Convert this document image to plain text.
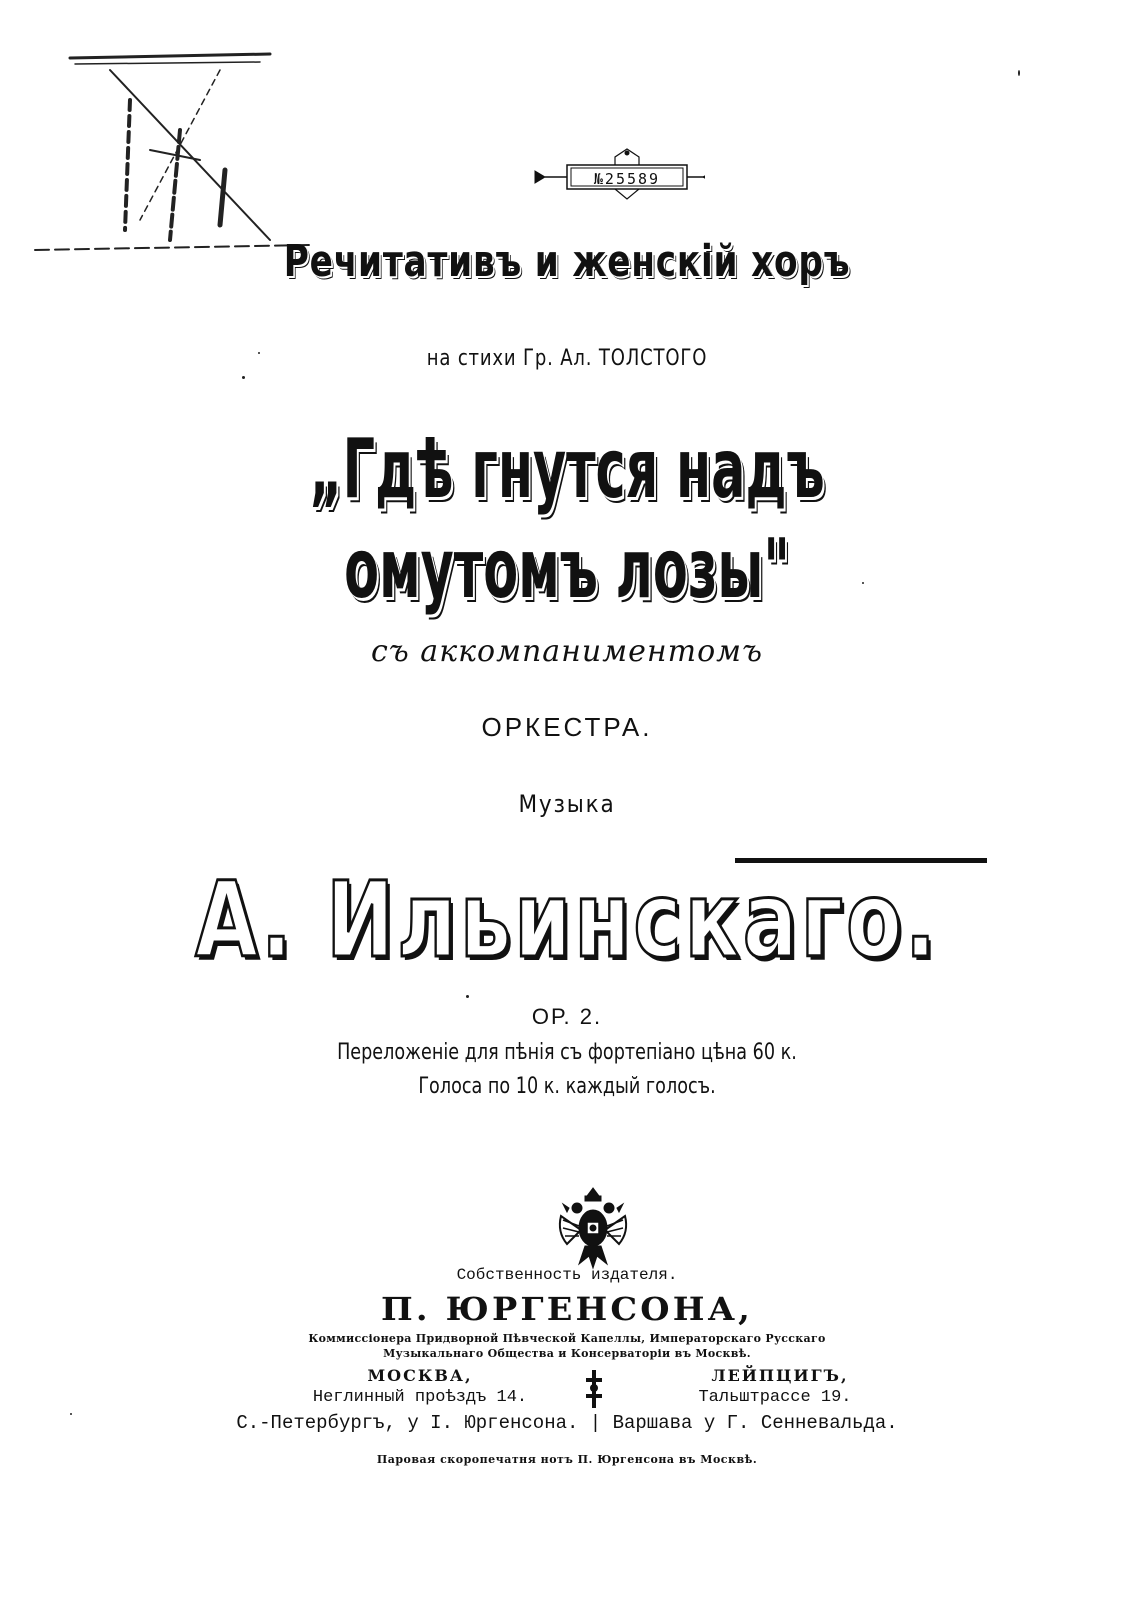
№25589
Речитативъ и женскій хоръ
на стихи Гр. Ал. ТОЛСТОГО
„Гдѣ гнутся надъ омутомъ лозы"
съ аккомпаниментомъ
ОРКЕСТРА.
Музыка
А. Ильинскаго.
ОР. 2.
Переложеніе для пѣнія съ фортепіано цѣна 60 к.
Голоса по 10 к. каждый голосъ.
Собственность издателя.
П. ЮРГЕНСОНА,
Коммиссіонера Придворной Пѣвческой Капеллы, Императорскаго Русскаго
Музыкальнаго Общества и Консерваторіи въ Москвѣ.
МОСКВА,	ЛЕЙПЦИГЪ,
Неглинный проѣздъ 14.	Тальштрассе 19.
С.-Петербургъ, у I. Юргенсона. | Варшава у Г. Сенневальда.
Паровая скоропечатня нотъ П. Юргенсона въ Москвѣ.
